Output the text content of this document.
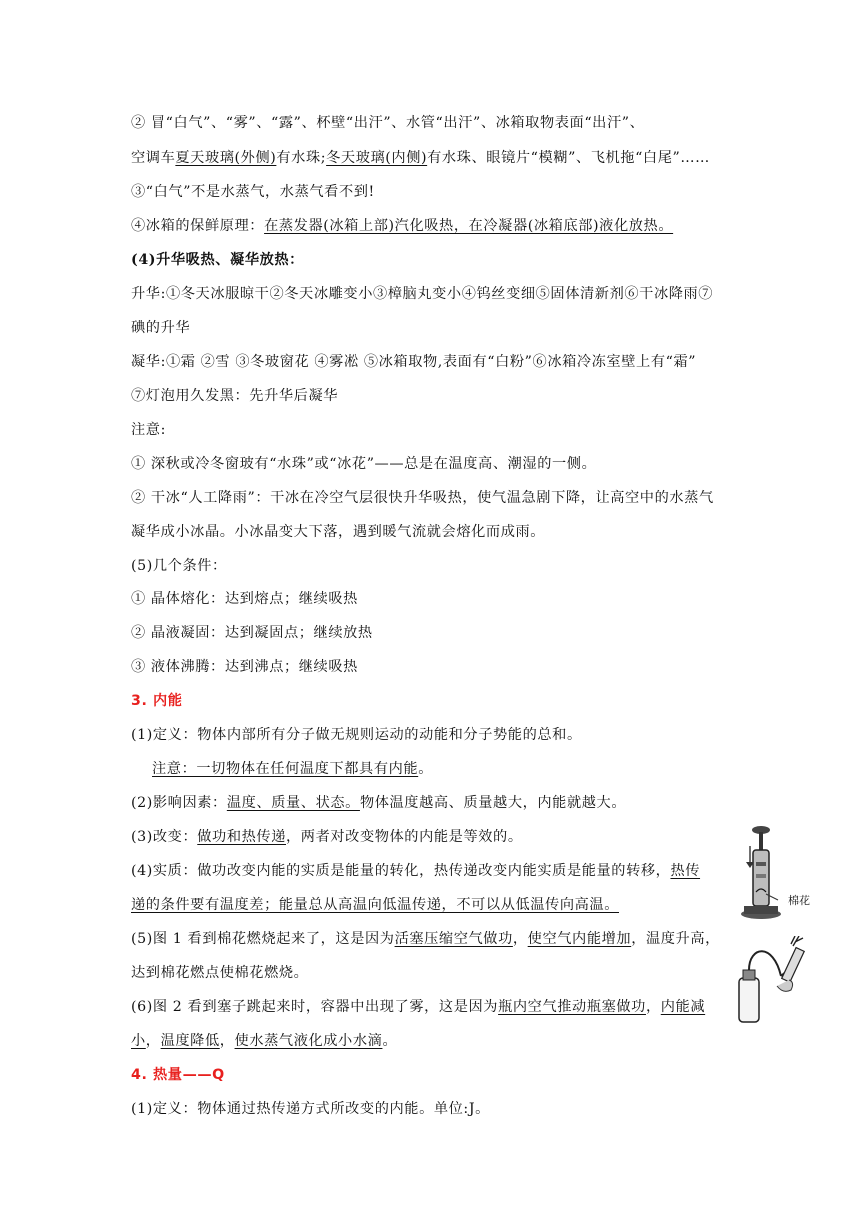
② 冒“白气”、“雾”、“露”、杯壁“出汗”、水管“出汗”、冰箱取物表面“出汗”、
空调车夏天玻璃(外侧)有水珠;冬天玻璃(内侧)有水珠、眼镜片“模糊”、飞机拖“白尾”……
③“白气”不是水蒸气，水蒸气看不到!
④冰箱的保鲜原理：在蒸发器(冰箱上部)汽化吸热，在冷凝器(冰箱底部)液化放热。
(4)升华吸热、凝华放热：
升华:①冬天冰服晾干②冬天冰雕变小③樟脑丸变小④钨丝变细⑤固体清新剂⑥干冰降雨⑦
碘的升华
凝华:①霜 ②雪 ③冬玻窗花 ④雾凇 ⑤冰箱取物,表面有“白粉”⑥冰箱冷冻室壁上有“霜”
⑦灯泡用久发黑：先升华后凝华
注意:
① 深秋或冷冬窗玻有“水珠”或“冰花”——总是在温度高、潮湿的一侧。
② 干冰“人工降雨”：干冰在冷空气层很快升华吸热，使气温急剧下降，让高空中的水蒸气
凝华成小冰晶。小冰晶变大下落，遇到暖气流就会熔化而成雨。
(5)几个条件：
① 晶体熔化：达到熔点；继续吸热
② 晶液凝固：达到凝固点；继续放热
③ 液体沸腾：达到沸点；继续吸热
3. 内能
(1)定义：物体内部所有分子做无规则运动的动能和分子势能的总和。
注意：一切物体在任何温度下都具有内能。
(2)影响因素：温度、质量、状态。物体温度越高、质量越大，内能就越大。
(3)改变：做功和热传递，两者对改变物体的内能是等效的。
(4)实质：做功改变内能的实质是能量的转化，热传递改变内能实质是能量的转移，热传
递的条件要有温度差；能量总从高温向低温传递，不可以从低温传向高温。
(5)图 1 看到棉花燃烧起来了，这是因为活塞压缩空气做功，使空气内能增加，温度升高，
达到棉花燃点使棉花燃烧。
(6)图 2 看到塞子跳起来时，容器中出现了雾，这是因为瓶内空气推动瓶塞做功，内能减
小，温度降低，使水蒸气液化成小水滴。
4. 热量——Q
(1)定义：物体通过热传递方式所改变的内能。单位:J。
棉花
